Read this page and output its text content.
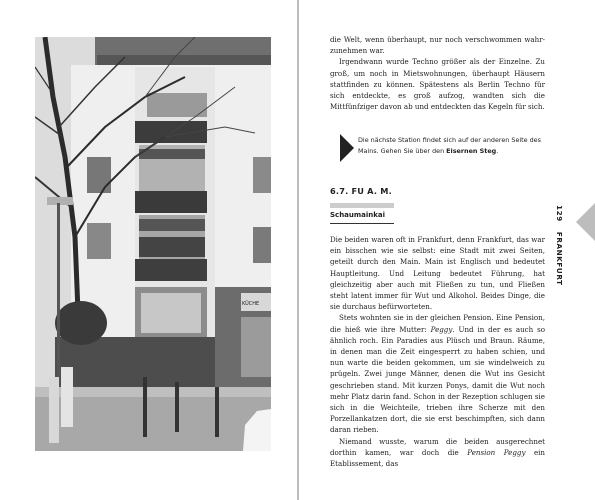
KÜCHE

die Welt, wenn überhaupt, nur noch verschwommen wahrzunehmen war.

Irgendwann wurde Techno größer als der Einzelne. Zu groß, um noch in Mietswohnungen, überhaupt Häusern stattfinden zu können. Spätestens als Berlin Techno für sich entdeckte, es groß aufzog, wandten sich die Mittfünfziger davon ab und entdeckten das Kegeln für sich.

Die nächste Station findet sich auf der anderen Seite des Mains. Gehen Sie über den Eisernen Steg.
6.7. FU A. M.
Schaumainkai

Die beiden waren oft in Frankfurt, denn Frankfurt, das war ein bisschen wie sie selbst: eine Stadt mit zwei Seiten, geteilt durch den Main. Main ist Englisch und bedeutet Hauptleitung. Und Leitung bedeutet Führung, hat gleichzeitig aber auch mit Fließen zu tun, und Fließen steht latent immer für Wut und Alkohol. Beides Dinge, die sie durchaus befürworteten.

Stets wohnten sie in der gleichen Pension. Eine Pension, die hieß wie ihre Mutter: Peggy. Und in der es auch so ähnlich roch. Ein Paradies aus Plüsch und Braun. Räume, in denen man die Zeit eingesperrt zu haben schien, und nun warte die beiden gekommen, um sie windelweich zu prügeln. Zwei junge Männer, denen die Wut ins Gesicht geschrieben stand. Mit kurzen Ponys, damit die Wut noch mehr Platz darin fand. Schon in der Rezeption schlugen sie sich in die Weichteile, trieben ihre Scherze mit den Porzellankatzen dort, die sie erst beschimpften, sich dann daran rieben.

Niemand wusste, warum die beiden ausgerechnet dorthin kamen, war doch die Pension Peggy ein Etablissement, das

129FRANKFURT
